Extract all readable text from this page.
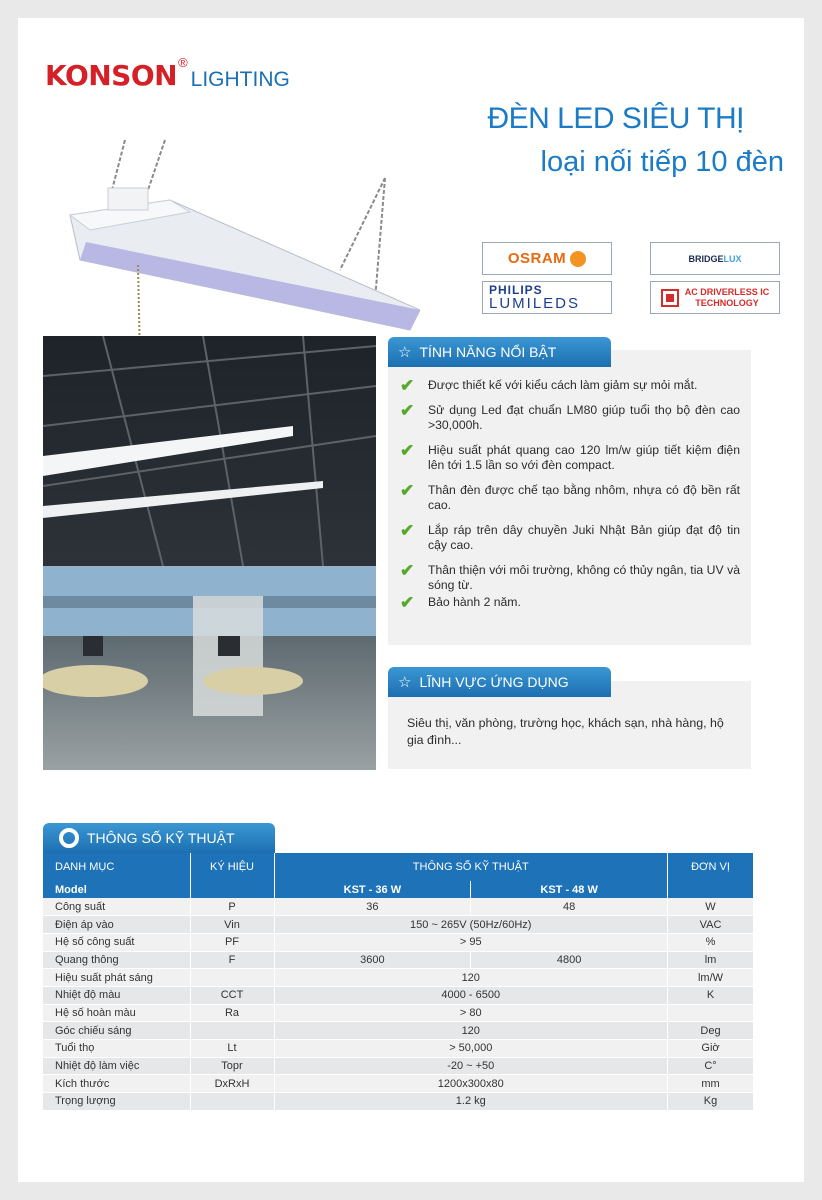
KONSON ®
LIGHTING
ĐÈN LED SIÊU THỊ
loại nối tiếp 10 đèn
OSRAM	BRIDGELUX
PHILIPS
LUMILEDS
AC DRIVERLESS IC
TECHNOLOGY
☆ TÍNH NĂNG NỔI BẬT
✔ Được thiết kế với kiểu cách làm giảm sự mỏi mắt.
✔ Sử dụng Led đạt chuẩn LM80 giúp tuổi thọ bộ đèn cao >30,000h.
✔ Hiệu suất phát quang cao 120 lm/w giúp tiết kiệm điện lên tới 1.5 lần so với đèn compact.
✔ Thân đèn được chế tạo bằng nhôm, nhựa có độ bền rất cao.
✔ Lắp ráp trên dây chuyền Juki Nhật Bản giúp đạt độ tin cậy cao.
✔ Thân thiện với môi trường, không có thủy ngân, tia UV và sóng từ.
✔ Bảo hành 2 năm.
☆ LĨNH VỰC ỨNG DỤNG
Siêu thị, văn phòng, trường học, khách sạn, nhà hàng, hộ gia đình...
THÔNG SỐ KỸ THUẬT
DANH MỤC	KÝ HIỆU	THÔNG SỐ KỸ THUẬT		ĐƠN VỊ
Model		KST - 36 W	KST - 48 W	
Công suất	P	36	48	W
Điện áp vào	Vin	150 ~ 265V (50Hz/60Hz)		VAC
Hệ số công suất	PF	> 95		%
Quang thông	F	3600	4800	lm
Hiệu suất phát sáng		120		lm/W
Nhiệt độ màu	CCT	4000 - 6500		K
Hệ số hoàn màu	Ra	> 80		
Góc chiếu sáng		120		Deg
Tuổi thọ	Lt	> 50,000		Giờ
Nhiệt độ làm việc	Topr	-20 ~ +50		C°
Kích thước	DxRxH	1200x300x80		mm
Trọng lượng		1.2 kg		Kg
